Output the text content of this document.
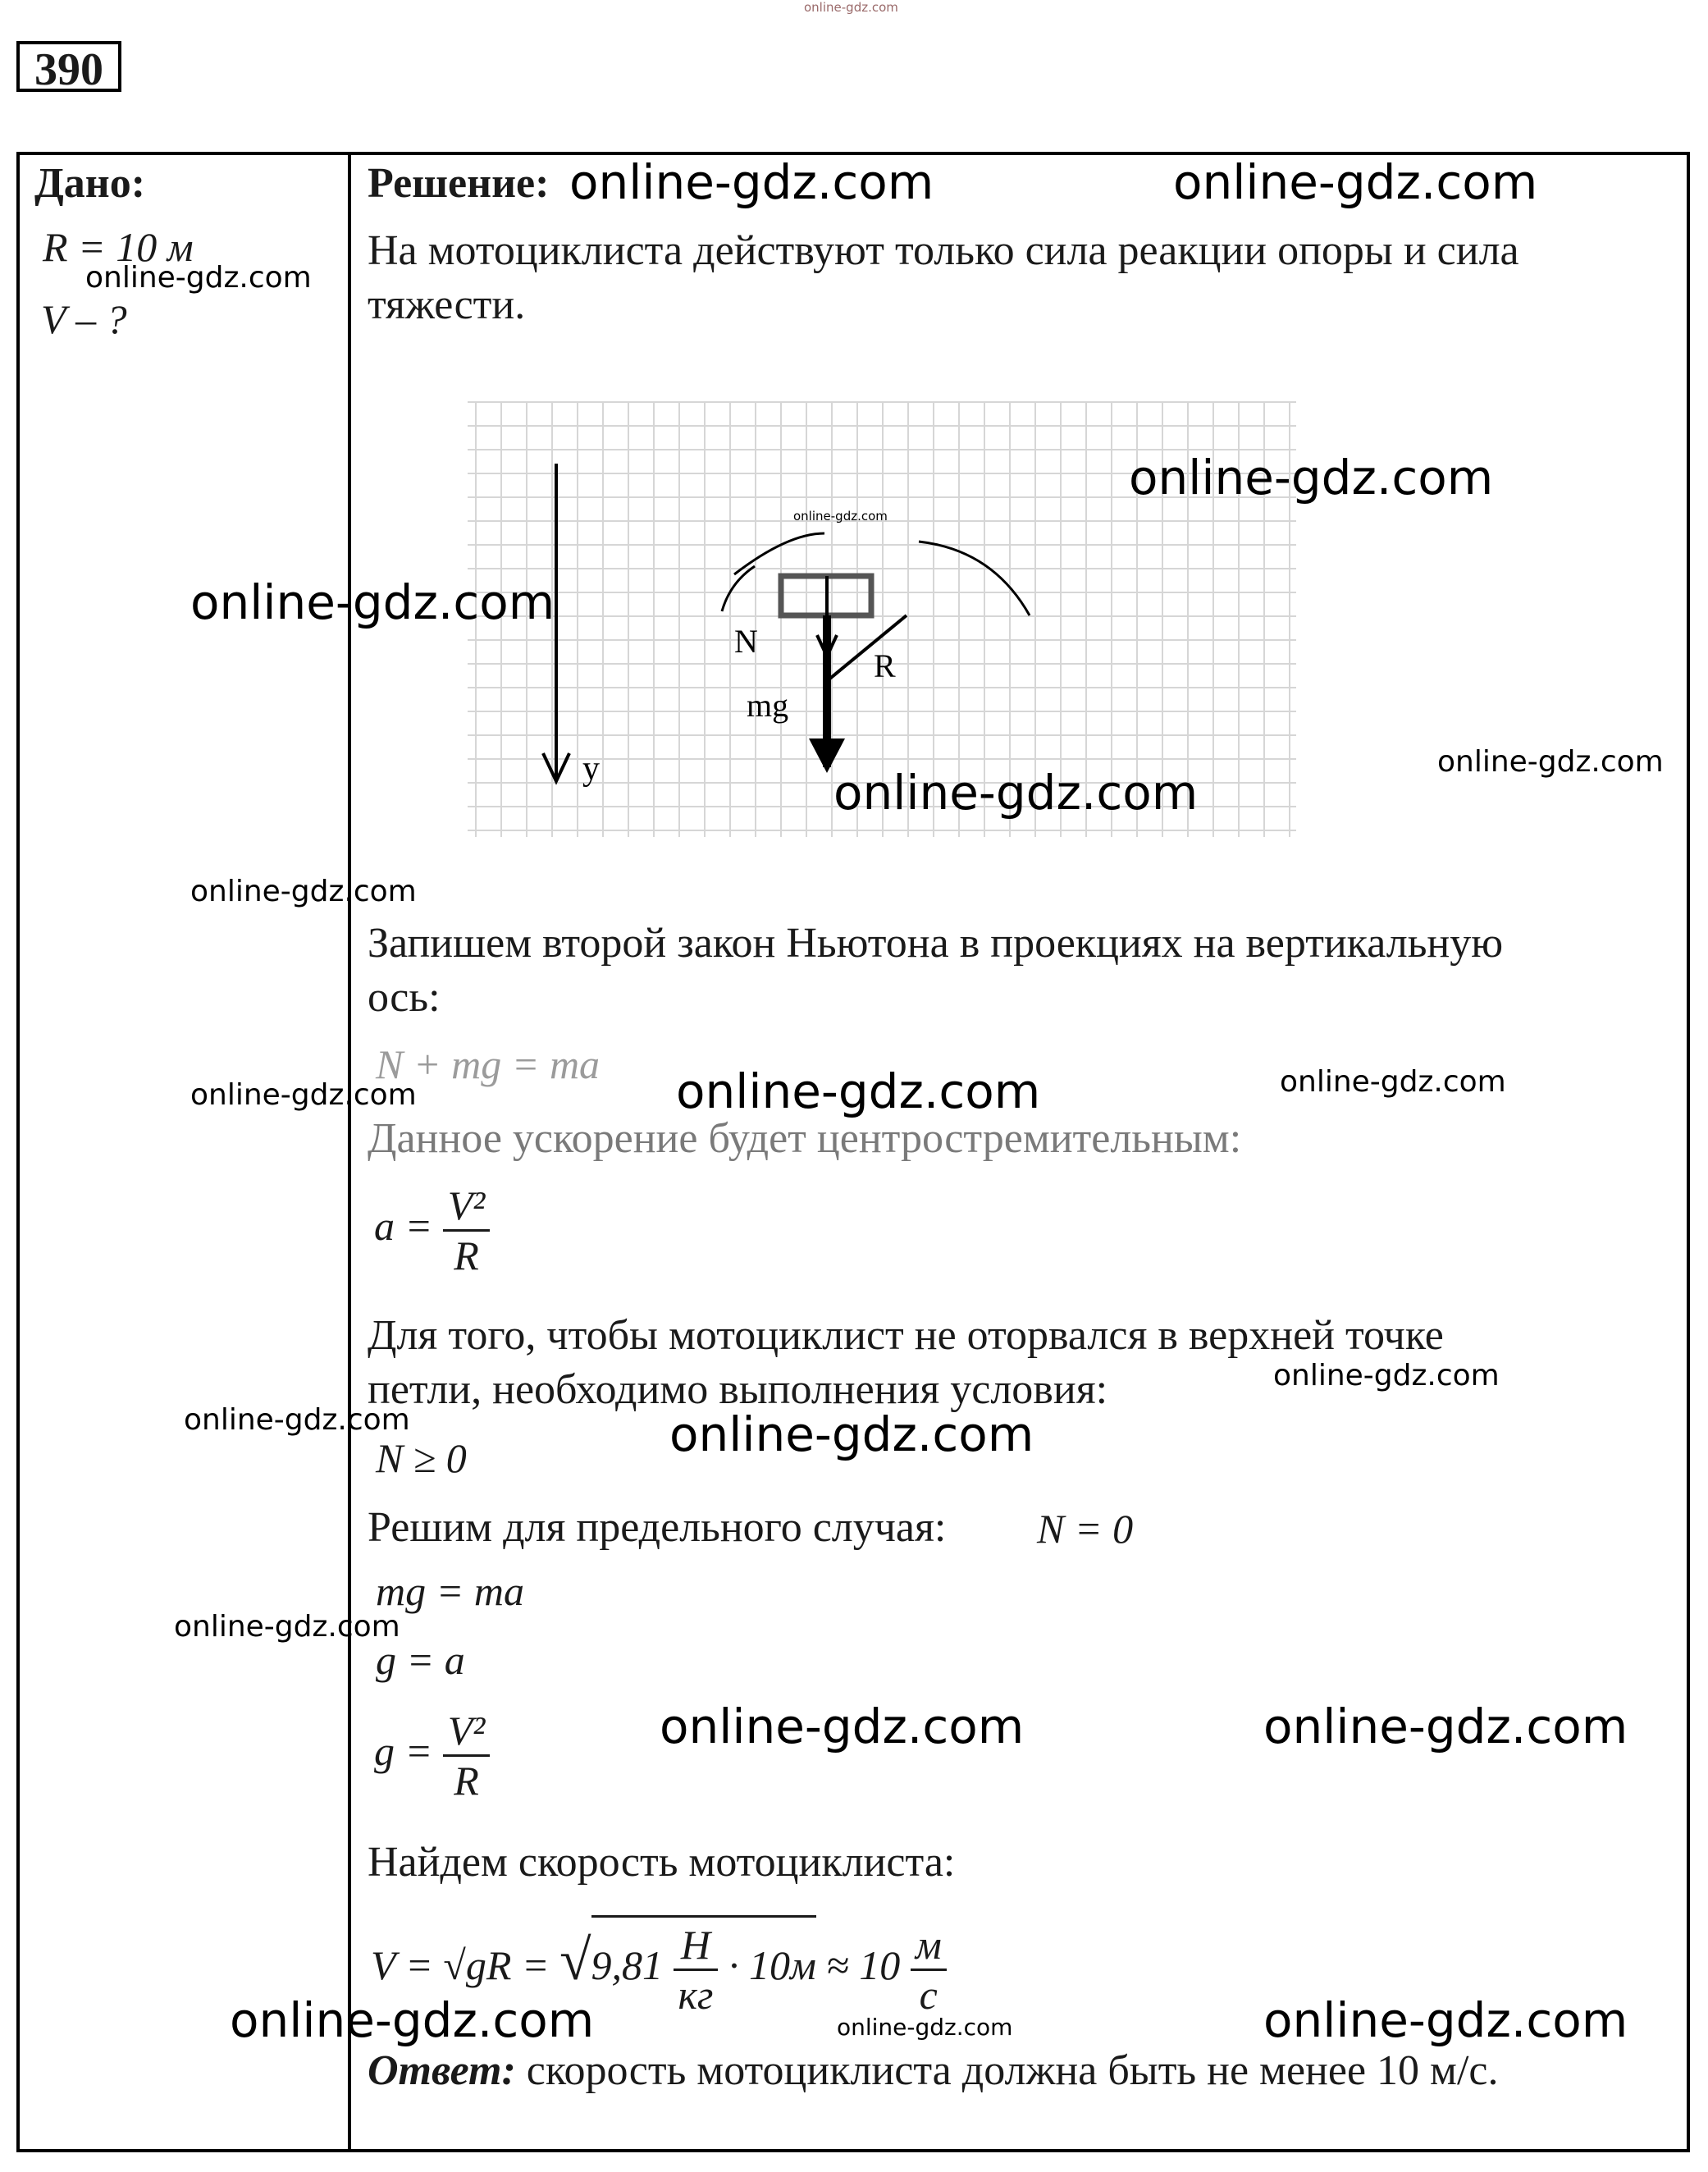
online-gdz.com
390
Дано:
R = 10 м
V – ?
online-gdz.com
Решение: online-gdz.com	online-gdz.com
На мотоциклиста действуют только сила реакции опоры и сила
тяжести.
y
N
R
mg
online-gdz.com
online-gdz.com
online-gdz.com
online-gdz.com
online-gdz.com
online-gdz.com
Запишем второй закон Ньютона в проекциях на вертикальную
ось:
N + mg = ma online-gdz.com	online-gdz.com
online-gdz.com
Данное ускорение будет центростремительным:
$a = \frac{\text{V²}}{R}$
Для того, чтобы мотоциклист не оторвался в верхней точке
петли, необходимо выполнения условия:	online-gdz.com
online-gdz.com	online-gdz.com
N ≥ 0
Решим для предельного случая: N = 0
mg = ma
online-gdz.com
g = a
$g = \frac{\text{V²}}{R}$	online-gdz.com	online-gdz.com
Найдем скорость мотоциклиста:
$V = √gR = √9,81 \frac{Н}{кг} \cdot 10м \approx 10 \frac{м}{с}$
online-gdz.com	online-gdz.com	online-gdz.com
Ответ: скорость мотоциклиста должна быть не менее 10 м/с.
